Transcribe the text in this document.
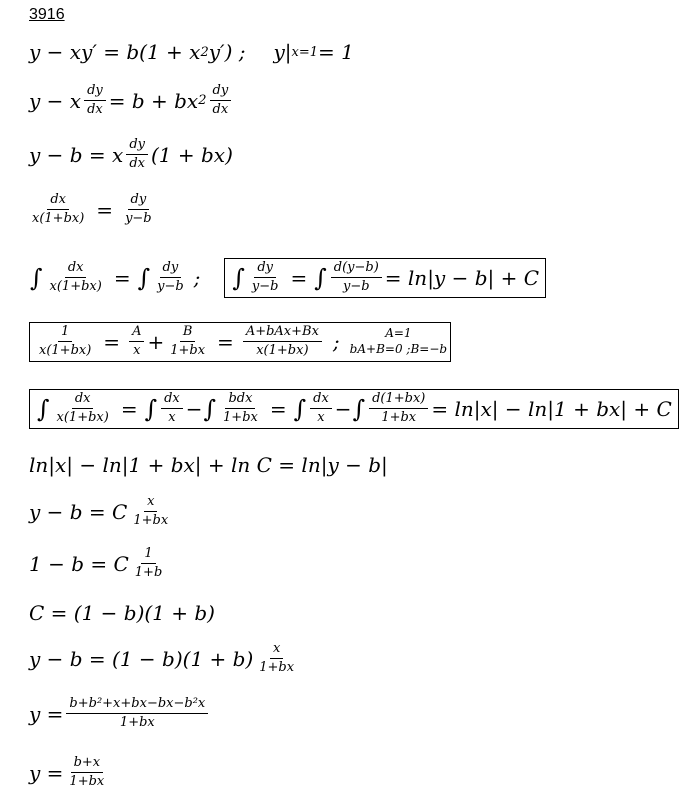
3916
y − xy′ = b(1 + x 2 y′) ; y| x=1 = 1
y − x $\frac{dy}{dx} = b$ + bx $2 \frac{dy}{dx}$
y − b = x $\frac{dy}{dx} (1 + bx)$
$\frac{dx}{x(1+bx)} = \frac{dy}{y-b}$
∫ $\frac{dx}{x(1+bx)}$ = ∫ $\frac{dy}{y-b}$ ; ∫ $\frac{dy}{y-b}$ = ∫ $\frac{d(y-b)}{y-b} = \ln|y - b| + C$
$\frac{1}{x(1+bx)} = \frac{A}{x} + \frac{B}{1+bx} = \frac{\text{A+bAx+Bx}}{x(1+bx)}$ ;	A=1
bA+B=0 ;B=−b
∫ $\frac{dx}{x(1+bx)}$ = ∫ $\frac{dx}{x}$ − ∫ $\frac{\text{bdx}}{1+bx}$ = ∫ $\frac{dx}{x}$ − ∫ $\frac{d(1+bx)}{1+bx} = \ln|x| - \ln|1 + bx| + C$
ln|x| − ln|1 + bx| + ln C = ln|y − b|
y − b = C $\frac{x}{1+bx}$
1 − b = C $\frac{1}{1+b}$
C = (1 − b)(1 + b)
$y - b = (1 - b)(1 + b) \frac{x}{1+bx}$
$y = \frac{\text{b+b²+x+bx−bx−b²x}}{1+bx}$
$y = \frac{b+x}{1+bx}$
